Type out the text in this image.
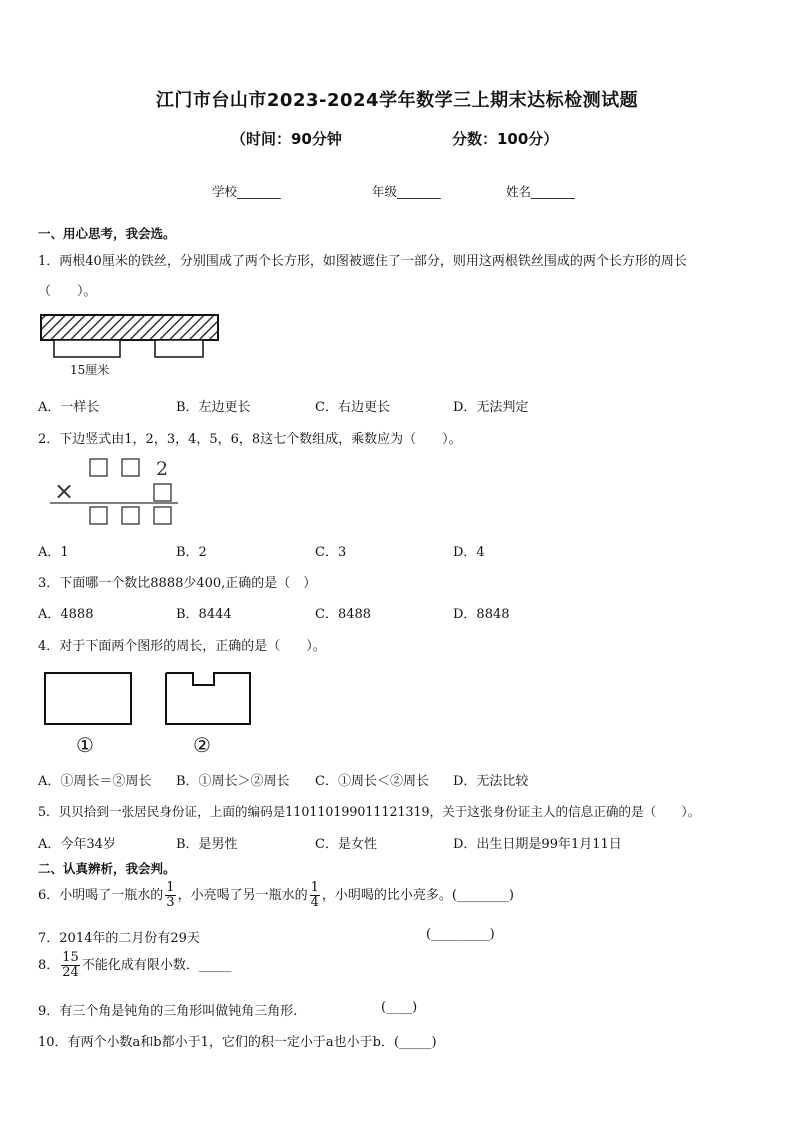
江门市台山市2023-2024学年数学三上期末达标检测试题
（时间：90分钟	分数：100分）
学校_______	年级_______	姓名_______
一、用心思考，我会选。
1．两根40厘米的铁丝，分别围成了两个长方形，如图被遮住了一部分，则用这两根铁丝围成的两个长方形的周长
（　　）。
15厘米
A．一样长	B．左边更长	C．右边更长	D．无法判定
2．下边竖式由1，2，3，4，5，6，8这七个数组成，乘数应为（　　）。
2
×
A．1	B．2	C．3	D．4
3．下面哪一个数比8888少400,正确的是（　）
A．4888	B．8444	C．8488	D．8848
4．对于下面两个图形的周长，正确的是（　　）。
①	②
A．①周长＝②周长 B．①周长＞②周长 C．①周长＜②周长 D．无法比较
5．贝贝拾到一张居民身份证，上面的编码是110110199011121319，关于这张身份证主人的信息正确的是（　　）。
A．今年34岁	B．是男性	C．是女性	D．出生日期是99年1月11日
二、认真辨析，我会判。
6．小明喝了一瓶水的 $\frac{1}{3}$ ，小亮喝了另一瓶水的 $\frac{1}{4}$ ，小明喝的比小亮多。(________)
7．2014年的二月份有29天	(_________)
8． $\frac{15}{24}$ 不能化成有限小数．_____
9．有三个角是钝角的三角形叫做钝角三角形.	(____)
10．有两个小数a和b都小于1，它们的积一定小于a也小于b．(_____)
